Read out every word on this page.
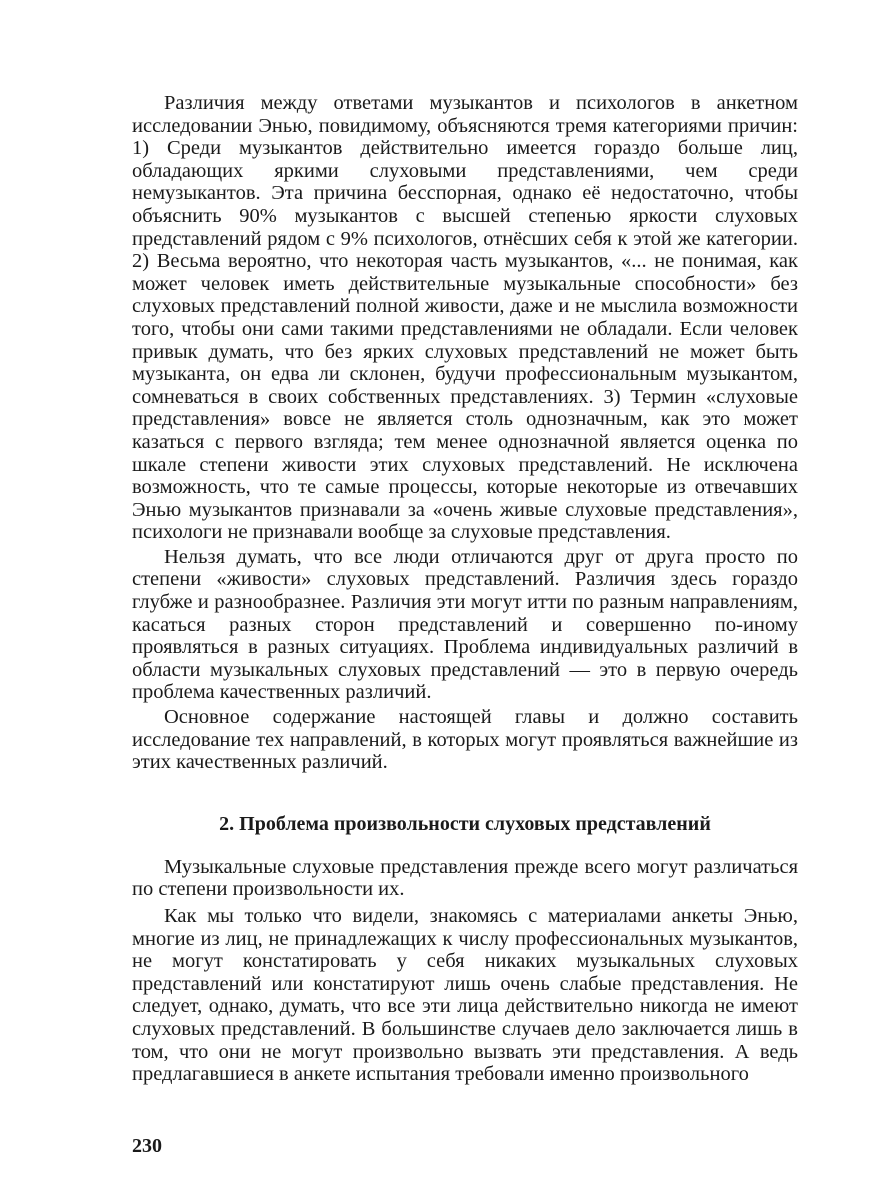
Различия между ответами музыкантов и психологов в анкетном исследовании Энью, повидимому, объясняются тремя категориями причин: 1) Среди музыкантов действительно имеется гораздо больше лиц, обладающих яркими слуховыми представлениями, чем среди немузыкантов. Эта причина бесспорная, однако её недостаточно, чтобы объяснить 90% музыкантов с высшей степенью яркости слуховых представлений рядом с 9% психологов, отнёсших себя к этой же категории. 2) Весьма вероятно, что некоторая часть музыкантов, «... не понимая, как может человек иметь действительные музыкальные способности» без слуховых представлений полной живости, даже и не мыслила возможности того, чтобы они сами такими представлениями не обладали. Если человек привык думать, что без ярких слуховых представлений не может быть музыканта, он едва ли склонен, будучи профессиональным музыкантом, сомневаться в своих собственных представлениях. 3) Термин «слуховые представления» вовсе не является столь однозначным, как это может казаться с первого взгляда; тем менее однозначной является оценка по шкале степени живости этих слуховых представлений. Не исключена возможность, что те самые процессы, которые некоторые из отвечавших Энью музыкантов признавали за «очень живые слуховые представления», психологи не признавали вообще за слуховые представления.

Нельзя думать, что все люди отличаются друг от друга просто по степени «живости» слуховых представлений. Различия здесь гораздо глубже и разнообразнее. Различия эти могут итти по разным направлениям, касаться разных сторон представлений и совершенно по-иному проявляться в разных ситуациях. Проблема индивидуальных различий в области музыкальных слуховых представлений — это в первую очередь проблема качественных различий.

Основное содержание настоящей главы и должно составить исследование тех направлений, в которых могут проявляться важнейшие из этих качественных различий.

2. Проблема произвольности слуховых представлений

Музыкальные слуховые представления прежде всего могут различаться по степени произвольности их.

Как мы только что видели, знакомясь с материалами анкеты Энью, многие из лиц, не принадлежащих к числу профессиональных музыкантов, не могут констатировать у себя никаких музыкальных слуховых представлений или констатируют лишь очень слабые представления. Не следует, однако, думать, что все эти лица действительно никогда не имеют слуховых представлений. В большинстве случаев дело заключается лишь в том, что они не могут произвольно вызвать эти представления. А ведь предлагавшиеся в анкете испытания требовали именно произвольного

230
